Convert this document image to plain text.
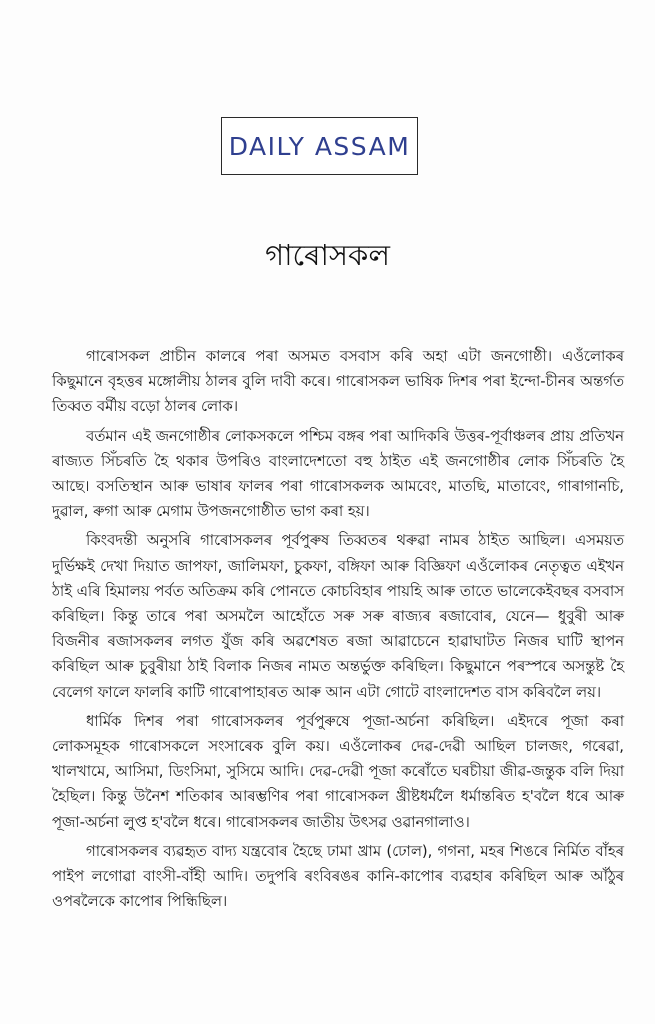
DAILY ASSAM
গাৰোসকল

গাৰোসকল প্ৰাচীন কালৰে পৰা অসমত বসবাস কৰি অহা এটা জনগোষ্ঠী। এওঁলোকৰ কিছুমানে বৃহত্তৰ মঙ্গোলীয় ঠালৰ বুলি দাবী কৰে। গাৰোসকল ভাষিক দিশৰ পৰা ইন্দো-চীনৰ অন্তৰ্গত তিব্বত বৰ্মীয় বড়ো ঠালৰ লোক।

বৰ্তমান এই জনগোষ্ঠীৰ লোকসকলে পশ্চিম বঙ্গৰ পৰা আদিকৰি উত্তৰ-পূৰ্বাঞ্চলৰ প্ৰায় প্ৰতিখন ৰাজ্যত সিঁচৰতি হৈ থকাৰ উপৰিও বাংলাদেশতো বহু ঠাইত এই জনগোষ্ঠীৰ লোক সিঁচৰতি হৈ আছে। বসতিস্থান আৰু ভাষাৰ ফালৰ পৰা গাৰোসকলক আমবেং, মাতছি, মাতাবেং, গাৰাগানচি, দুৱাল, ৰুগা আৰু মেগাম উপজনগোষ্ঠীত ভাগ কৰা হয়।

কিংবদন্তী অনুসৰি গাৰোসকলৰ পূৰ্বপুৰুষ তিব্বতৰ থৰুৱা নামৰ ঠাইত আছিল। এসময়ত দুৰ্ভিক্ষই দেখা দিয়াত জাপফা, জালিমফা, চুকফা, বঙ্গিফা আৰু বিজ্ঞিফা এওঁলোকৰ নেতৃত্বত এইখন ঠাই এৰি হিমালয় পৰ্বত অতিক্ৰম কৰি পোনতে কোচবিহাৰ পায়হি আৰু তাতে ভালেকেইবছৰ বসবাস কৰিছিল। কিন্তু তাৰে পৰা অসমলৈ আহোঁতে সৰু সৰু ৰাজ্যৰ ৰজাবোৰ, যেনে— ধুবুৰী আৰু বিজনীৰ ৰজাসকলৰ লগত যুঁজ কৰি অৱশেষত ৰজা আৱাচেনে হাৱাঘাটত নিজৰ ঘাটি স্থাপন কৰিছিল আৰু চুবুৰীয়া ঠাই বিলাক নিজৰ নামত অন্তৰ্ভুক্ত কৰিছিল। কিছুমানে পৰস্পৰে অসন্তুষ্ট হৈ বেলেগ ফালে ফালৰি কাটি গাৰোপাহাৰত আৰু আন এটা গোটে বাংলাদেশত বাস কৰিবলৈ লয়।

ধাৰ্মিক দিশৰ পৰা গাৰোসকলৰ পূৰ্বপুৰুষে পূজা-অৰ্চনা কৰিছিল। এইদৰে পূজা কৰা লোকসমূহক গাৰোসকলে সংসাৰেক বুলি কয়। এওঁলোকৰ দেৱ-দেৱী আছিল চালজং, গৰেৱা, খালখামে, আসিমা, ডিংসিমা, সুসিমে আদি। দেৱ-দেৱী পূজা কৰোঁতে ঘৰচীয়া জীৱ-জন্তুক বলি দিয়া হৈছিল। কিন্তু উনৈশ শতিকাৰ আৰম্ভণিৰ পৰা গাৰোসকল খ্ৰীষ্টধৰ্মলৈ ধৰ্মান্তৰিত হ'বলৈ ধৰে আৰু পূজা-অৰ্চনা লুপ্ত হ'বলৈ ধৰে। গাৰোসকলৰ জাতীয় উৎসৱ ওৱানগালাও।

গাৰোসকলৰ ব্যৱহৃত বাদ্য যন্ত্ৰবোৰ হৈছে ঢামা খ্ৰাম (ঢোল), গগনা, মহৰ শিঙৰে নিৰ্মিত বাঁহৰ পাইপ লগোৱা বাংসী-বাঁহী আদি। তদুপৰি ৰংবিৰঙৰ কানি-কাপোৰ ব্যৱহাৰ কৰিছিল আৰু আঁঠুৰ ওপৰলৈকে কাপোৰ পিন্ধিছিল।
